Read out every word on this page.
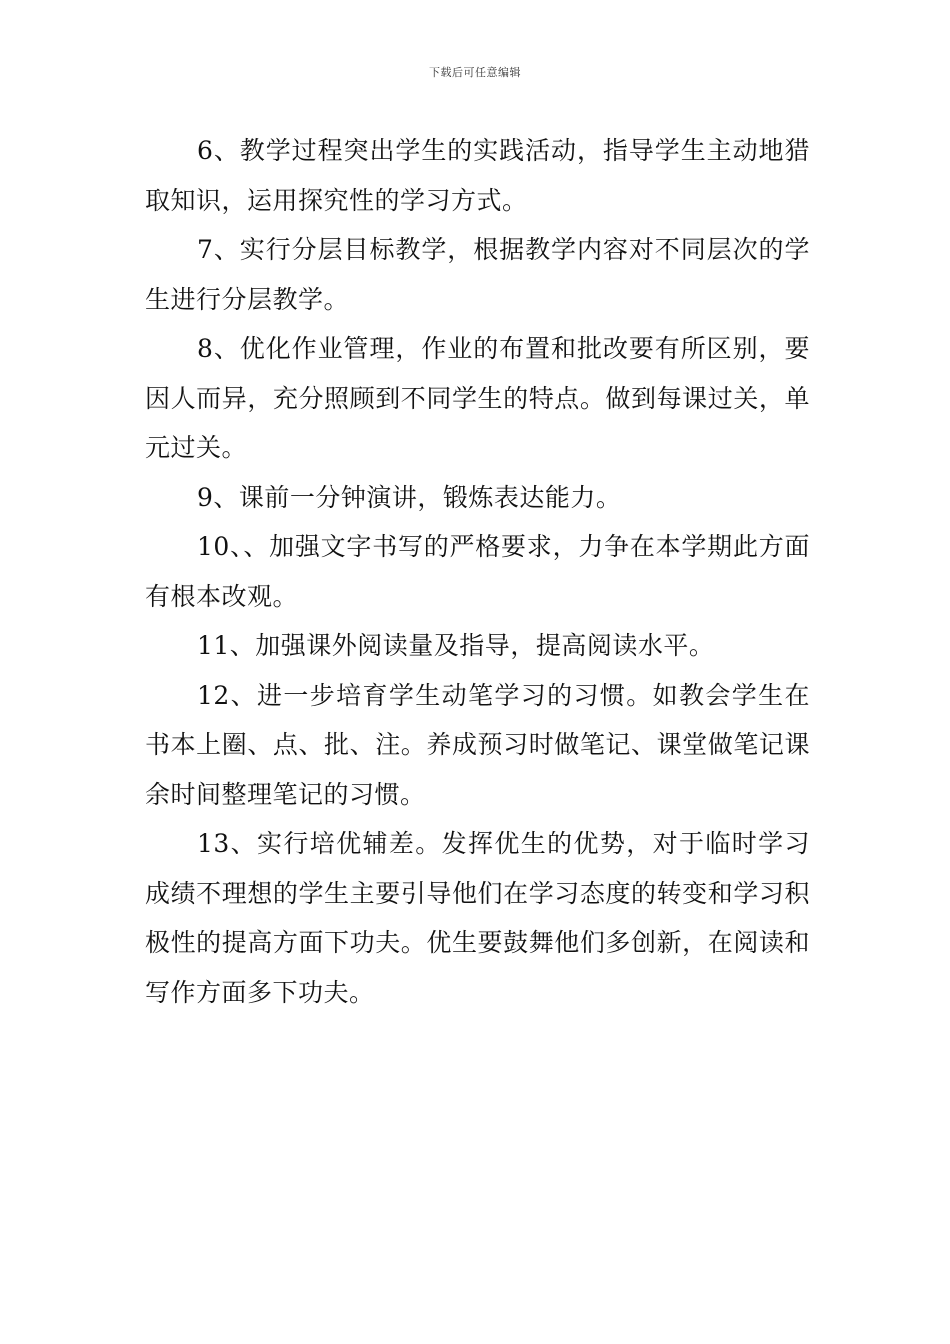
下载后可任意编辑

6、教学过程突出学生的实践活动，指导学生主动地猎取知识，运用探究性的学习方式。

7、实行分层目标教学，根据教学内容对不同层次的学生进行分层教学。

8、优化作业管理，作业的布置和批改要有所区别，要因人而异，充分照顾到不同学生的特点。做到每课过关，单元过关。

9、课前一分钟演讲，锻炼表达能力。

10、、加强文字书写的严格要求，力争在本学期此方面有根本改观。

11、加强课外阅读量及指导，提高阅读水平。

12、进一步培育学生动笔学习的习惯。如教会学生在书本上圈、点、批、注。养成预习时做笔记、课堂做笔记课余时间整理笔记的习惯。

13、实行培优辅差。发挥优生的优势，对于临时学习成绩不理想的学生主要引导他们在学习态度的转变和学习积极性的提高方面下功夫。优生要鼓舞他们多创新，在阅读和写作方面多下功夫。
